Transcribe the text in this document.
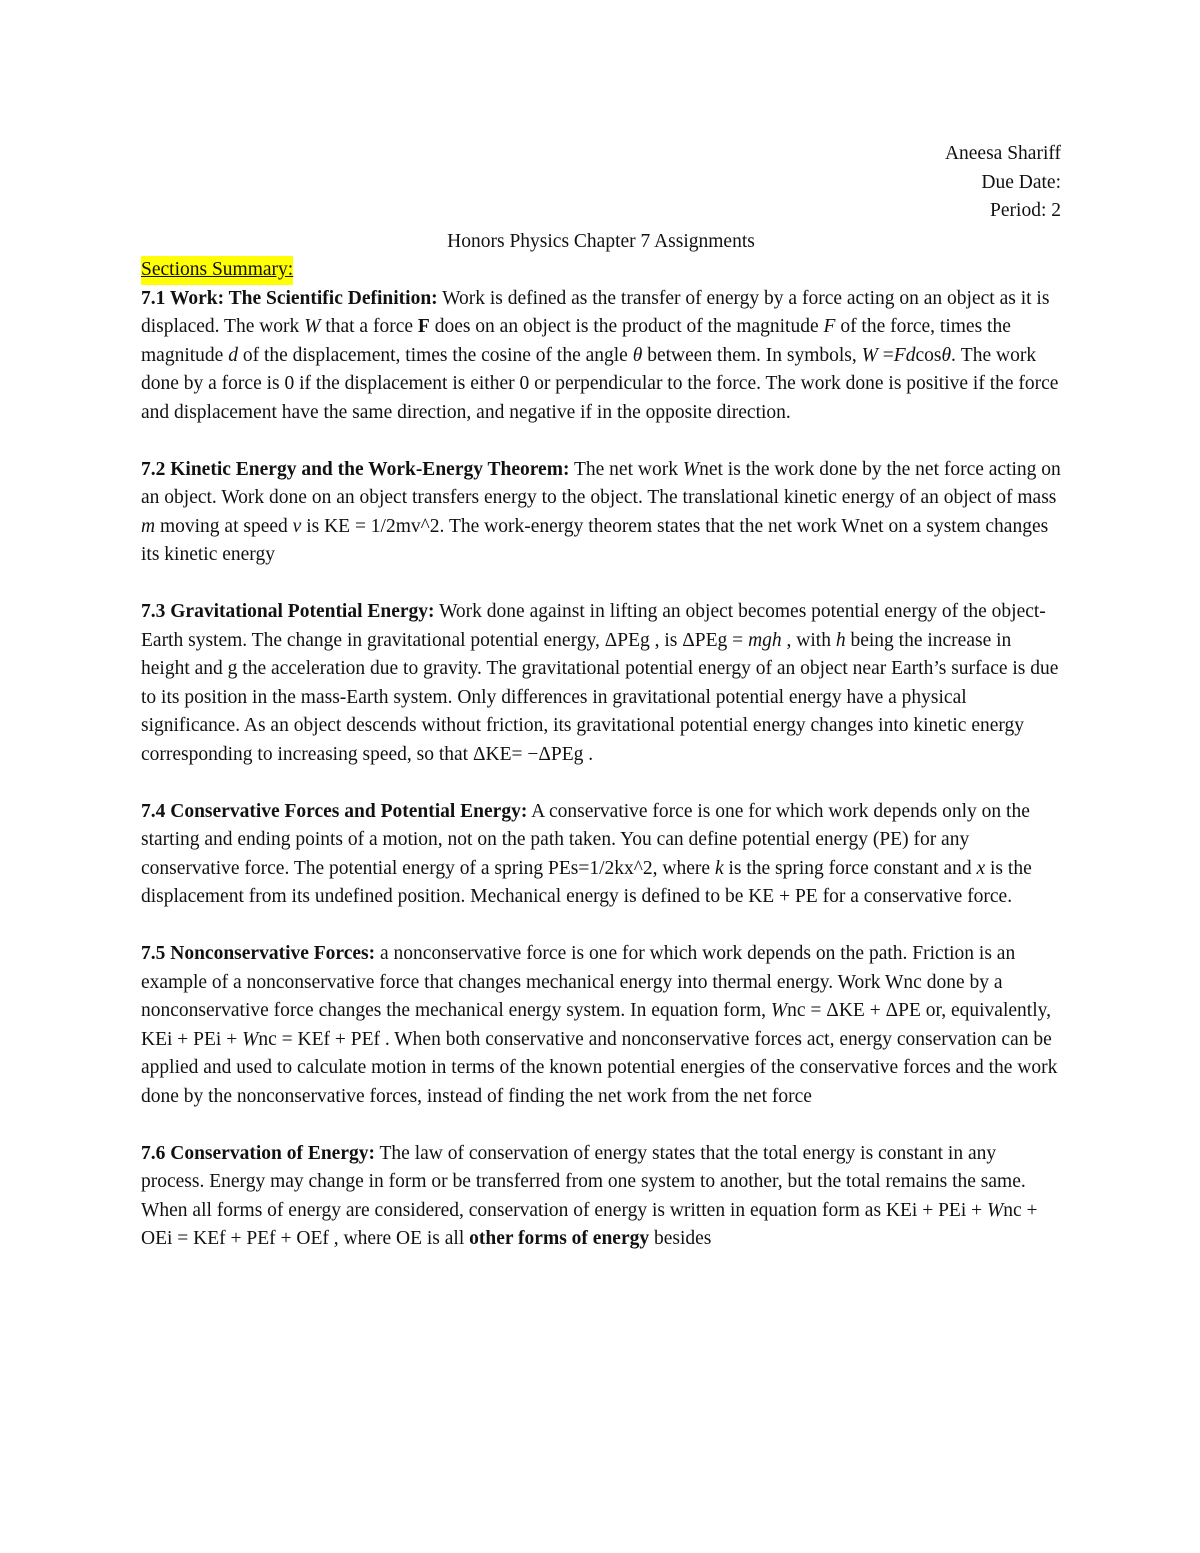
Aneesa Shariff

Due Date:

Period: 2

Honors Physics Chapter 7 Assignments

Sections Summary:

7.1 Work: The Scientific Definition: Work is defined as the transfer of energy by a force acting on an object as it is displaced. The work W that a force F does on an object is the product of the magnitude F of the force, times the magnitude d of the displacement, times the cosine of the angle θ between them. In symbols, W =Fdcosθ. The work done by a force is 0 if the displacement is either 0 or perpendicular to the force. The work done is positive if the force and displacement have the same direction, and negative if in the opposite direction.

7.2 Kinetic Energy and the Work-Energy Theorem: The net work Wnet is the work done by the net force acting on an object. Work done on an object transfers energy to the object. The translational kinetic energy of an object of mass m moving at speed v is KE = 1/2mv^2. The work-energy theorem states that the net work Wnet on a system changes its kinetic energy

7.3 Gravitational Potential Energy: Work done against in lifting an object becomes potential energy of the object-Earth system. The change in gravitational potential energy, ΔPEg , is ΔPEg = mgh , with h being the increase in height and g the acceleration due to gravity. The gravitational potential energy of an object near Earth’s surface is due to its position in the mass-Earth system. Only differences in gravitational potential energy have a physical significance. As an object descends without friction, its gravitational potential energy changes into kinetic energy corresponding to increasing speed, so that ΔKE= −ΔPEg .

7.4 Conservative Forces and Potential Energy: A conservative force is one for which work depends only on the starting and ending points of a motion, not on the path taken. You can define potential energy (PE) for any conservative force. The potential energy of a spring PEs=1/2kx^2, where k is the spring force constant and x is the displacement from its undefined position. Mechanical energy is defined to be KE + PE for a conservative force.

7.5 Nonconservative Forces: a nonconservative force is one for which work depends on the path. Friction is an example of a nonconservative force that changes mechanical energy into thermal energy. Work Wnc done by a nonconservative force changes the mechanical energy system. In equation form, Wnc = ΔKE + ΔPE or, equivalently, KEi + PEi + Wnc = KEf + PEf . When both conservative and nonconservative forces act, energy conservation can be applied and used to calculate motion in terms of the known potential energies of the conservative forces and the work done by the nonconservative forces, instead of finding the net work from the net force

7.6 Conservation of Energy: The law of conservation of energy states that the total energy is constant in any process. Energy may change in form or be transferred from one system to another, but the total remains the same. When all forms of energy are considered, conservation of energy is written in equation form as KEi + PEi + Wnc + OEi = KEf + PEf + OEf , where OE is all other forms of energy besides
